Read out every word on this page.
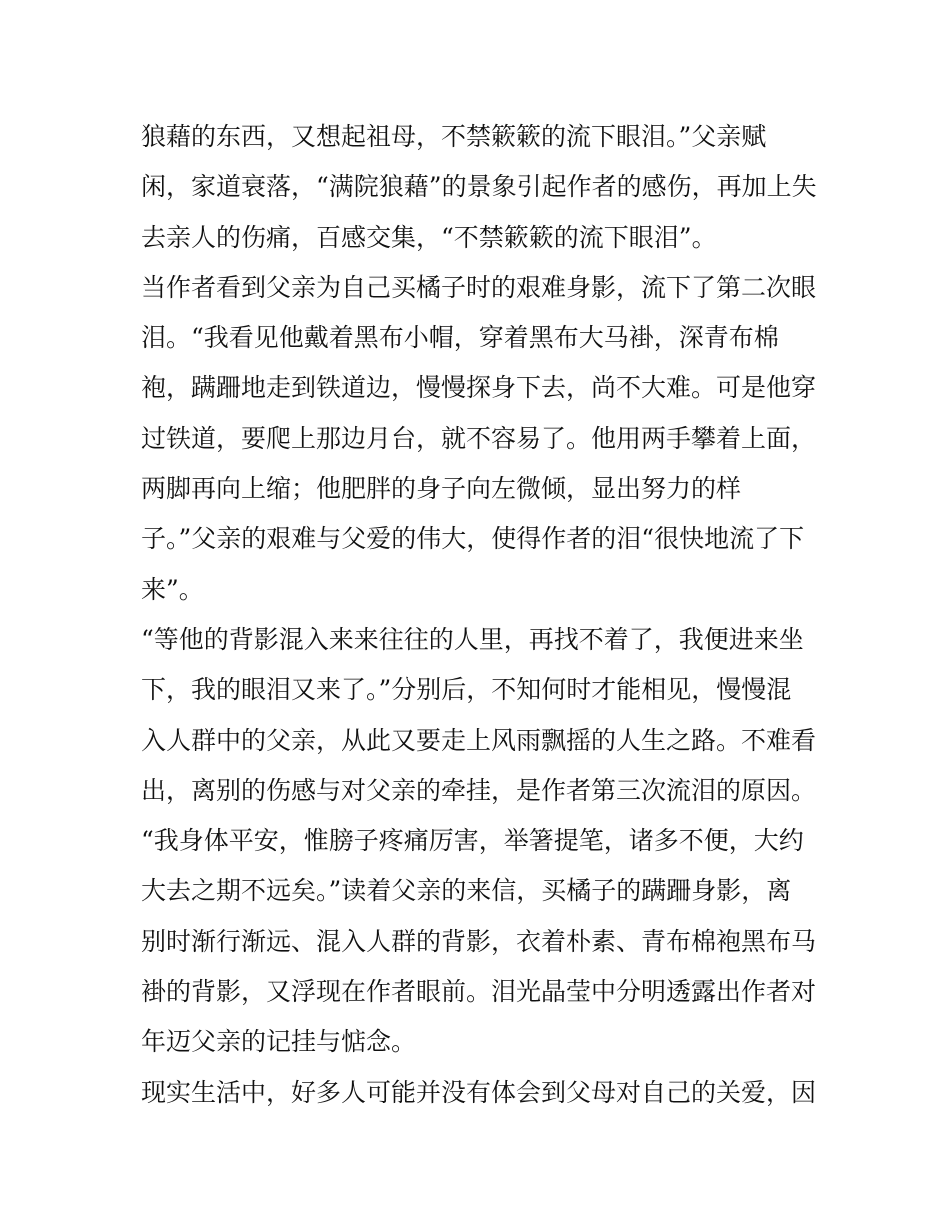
狼藉的东西，又想起祖母，不禁簌簌的流下眼泪。”父亲赋
闲，家道衰落，“满院狼藉”的景象引起作者的感伤，再加上失
去亲人的伤痛，百感交集，“不禁簌簌的流下眼泪”。
当作者看到父亲为自己买橘子时的艰难身影，流下了第二次眼
泪。“我看见他戴着黑布小帽，穿着黑布大马褂，深青布棉
袍，蹒跚地走到铁道边，慢慢探身下去，尚不大难。可是他穿
过铁道，要爬上那边月台，就不容易了。他用两手攀着上面，
两脚再向上缩；他肥胖的身子向左微倾，显出努力的样
子。”父亲的艰难与父爱的伟大，使得作者的泪“很快地流了下
来”。
“等他的背影混入来来往往的人里，再找不着了，我便进来坐
下，我的眼泪又来了。”分别后，不知何时才能相见，慢慢混
入人群中的父亲，从此又要走上风雨飘摇的人生之路。不难看
出，离别的伤感与对父亲的牵挂，是作者第三次流泪的原因。
“我身体平安，惟膀子疼痛厉害，举箸提笔，诸多不便，大约
大去之期不远矣。”读着父亲的来信，买橘子的蹒跚身影，离
别时渐行渐远、混入人群的背影，衣着朴素、青布棉袍黑布马
褂的背影，又浮现在作者眼前。泪光晶莹中分明透露出作者对
年迈父亲的记挂与惦念。
现实生活中，好多人可能并没有体会到父母对自己的关爱，因
